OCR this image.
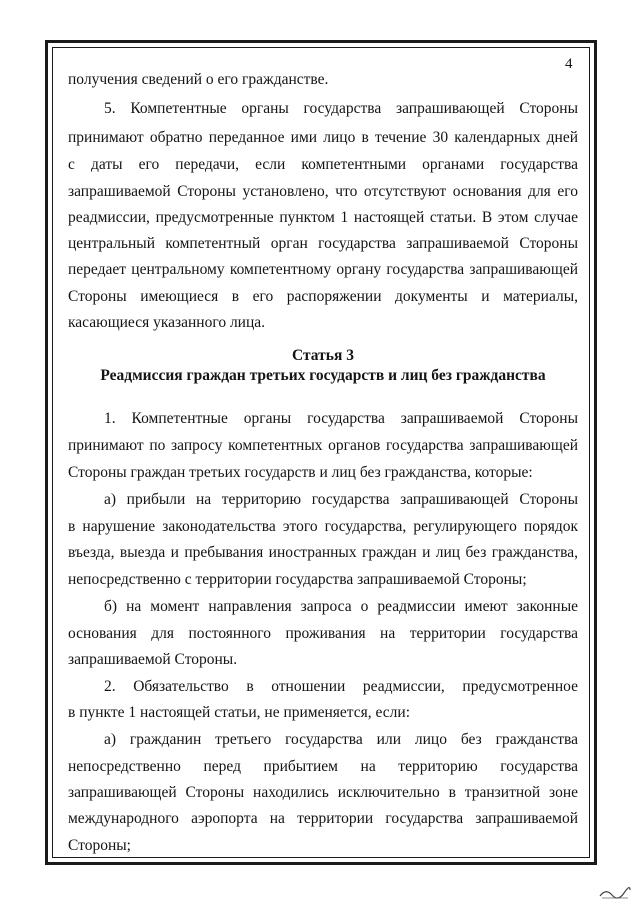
4
получения сведений о его гражданстве.
5. Компетентные органы государства запрашивающей Стороны
принимают обратно переданное ими лицо в течение 30 календарных дней
с даты его передачи, если компетентными органами государства
запрашиваемой Стороны установлено, что отсутствуют основания для его
реадмиссии, предусмотренные пунктом 1 настоящей статьи. В этом случае
центральный компетентный орган государства запрашиваемой Стороны
передает центральному компетентному органу государства запрашивающей
Стороны имеющиеся в его распоряжении документы и материалы,
касающиеся указанного лица.
Статья 3
Реадмиссия граждан третьих государств и лиц без гражданства
1. Компетентные органы государства запрашиваемой Стороны
принимают по запросу компетентных органов государства запрашивающей
Стороны граждан третьих государств и лиц без гражданства, которые:
а) прибыли на территорию государства запрашивающей Стороны
в нарушение законодательства этого государства, регулирующего порядок
въезда, выезда и пребывания иностранных граждан и лиц без гражданства,
непосредственно с территории государства запрашиваемой Стороны;
б) на момент направления запроса о реадмиссии имеют законные
основания для постоянного проживания на территории государства
запрашиваемой Стороны.
2. Обязательство в отношении реадмиссии, предусмотренное
в пункте 1 настоящей статьи, не применяется, если:
а) гражданин третьего государства или лицо без гражданства
непосредственно перед прибытием на территорию государства
запрашивающей Стороны находились исключительно в транзитной зоне
международного аэропорта на территории государства запрашиваемой
Стороны;
